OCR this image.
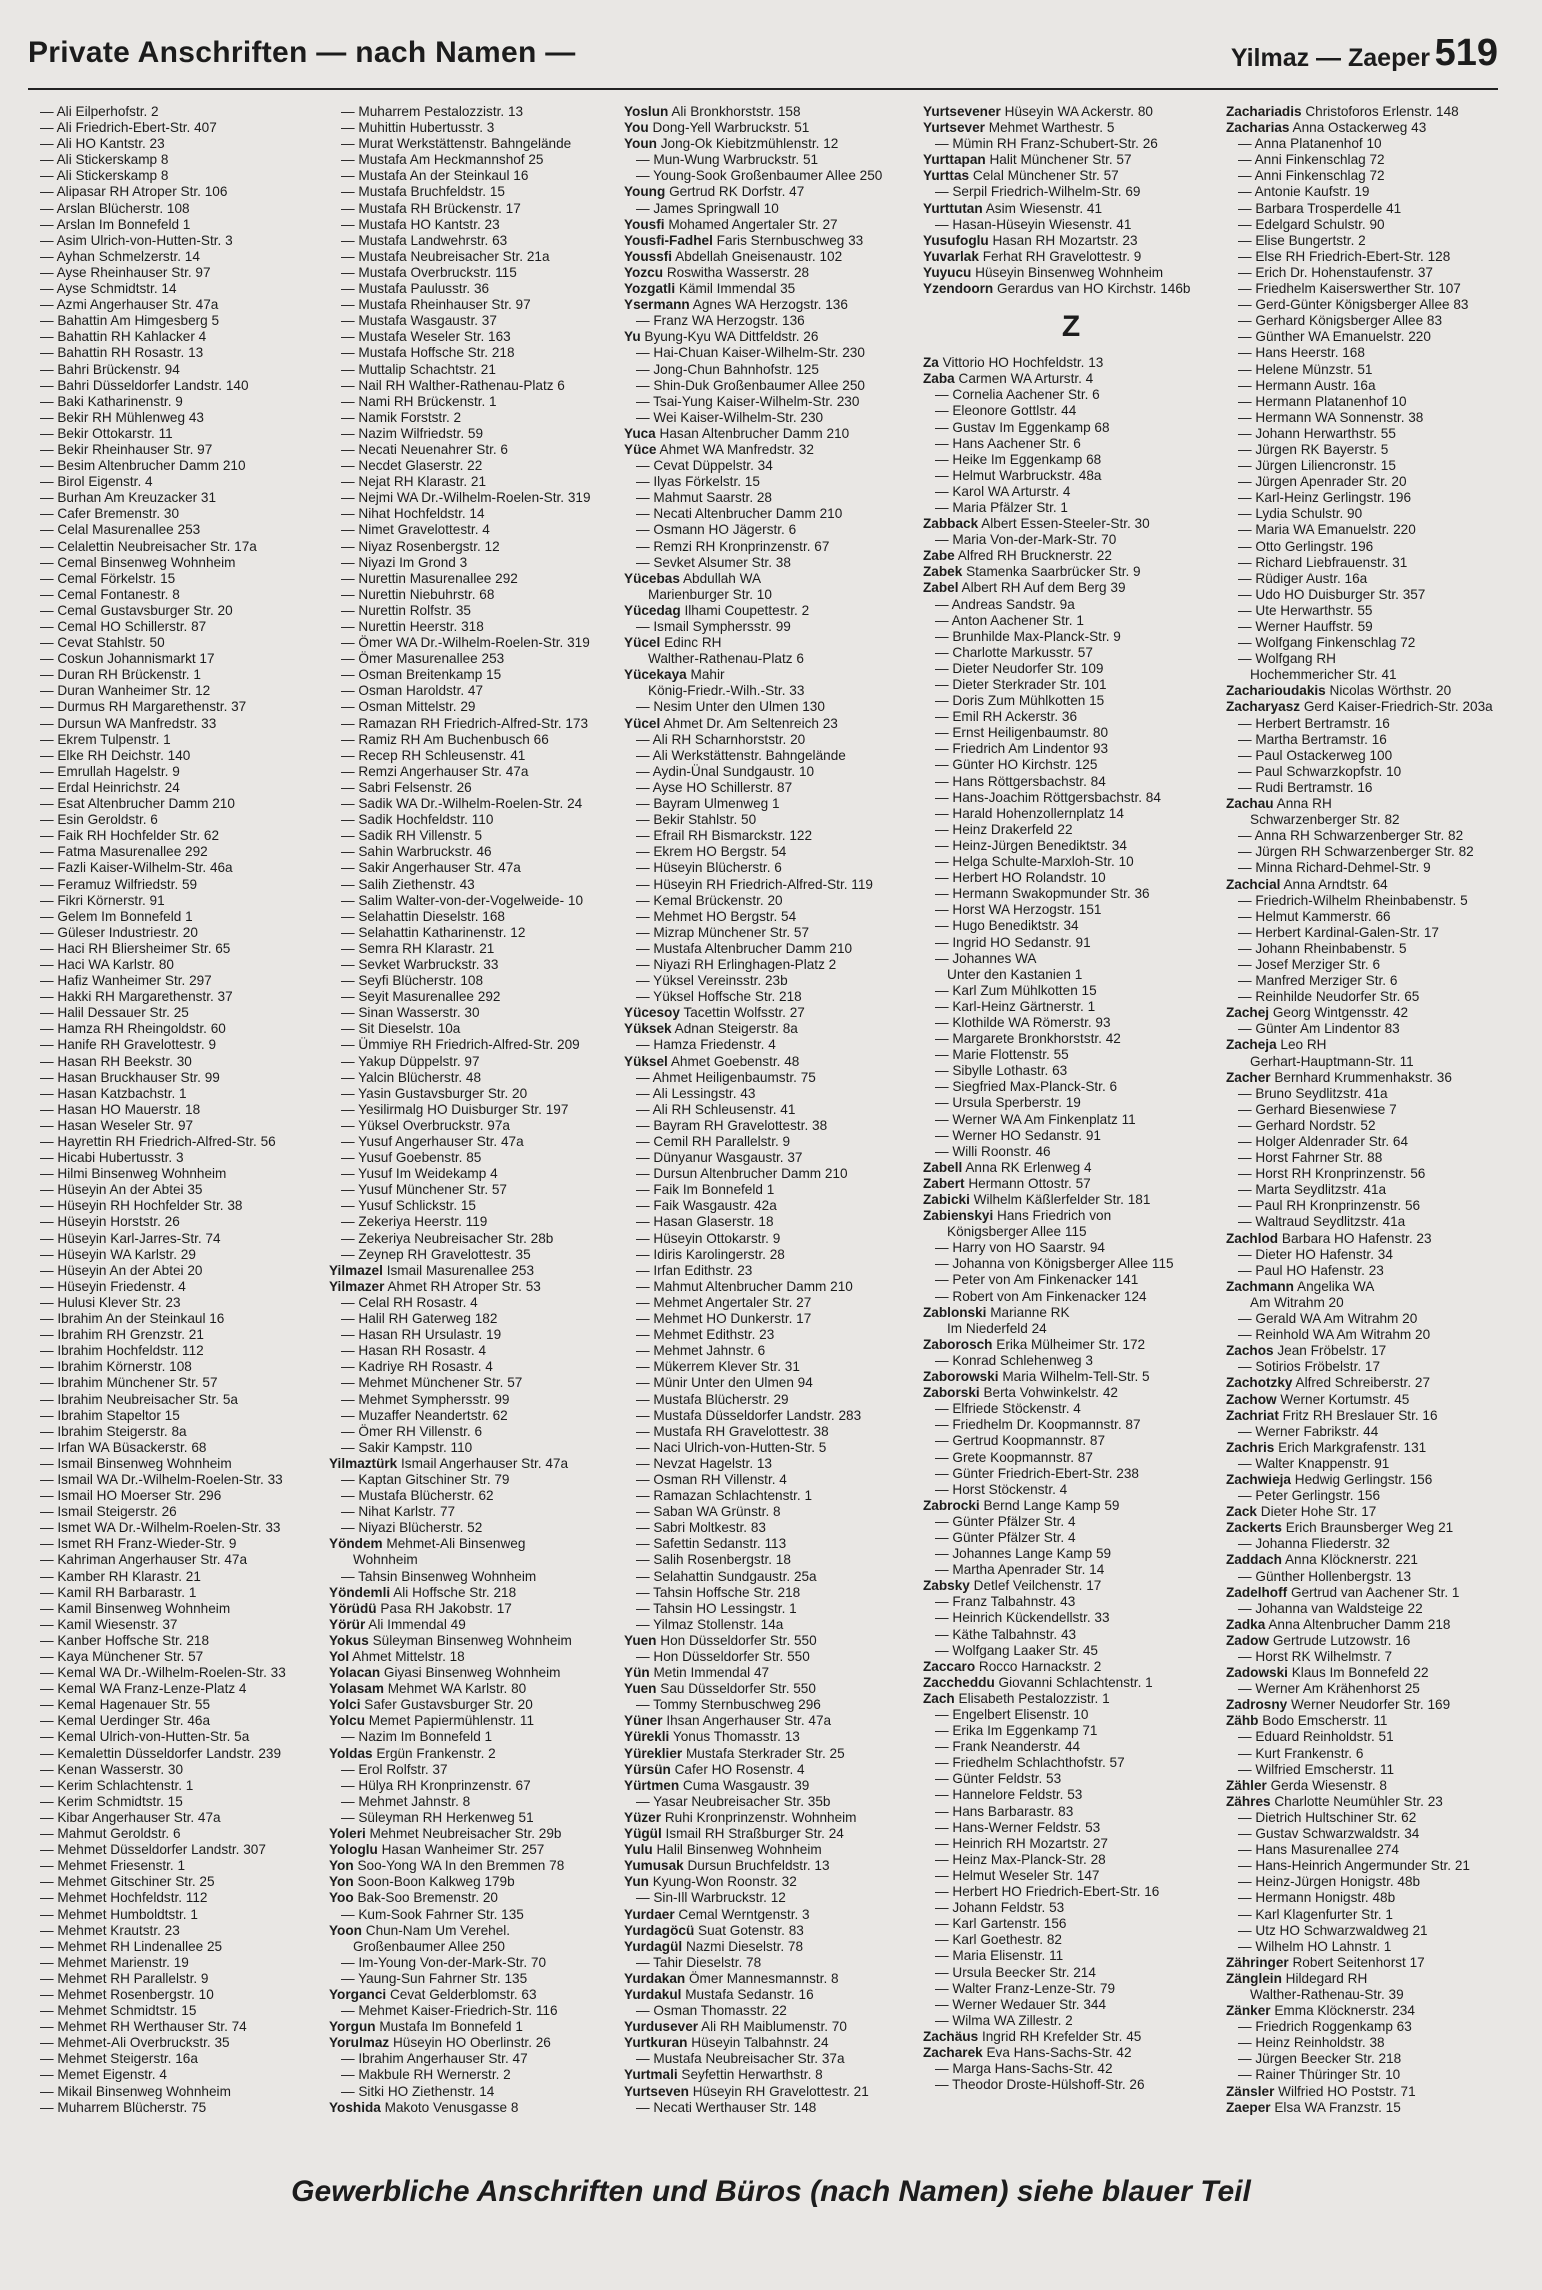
Private Anschriften — nach Namen —	Yilmaz — Zaeper 519
— Ali Eilperhofstr. 2
— Ali Friedrich-Ebert-Str. 407
— Ali HO Kantstr. 23
— Ali Stickerskamp 8
— Ali Stickerskamp 8
— Alipasar RH Atroper Str. 106
— Arslan Blücherstr. 108
— Arslan Im Bonnefeld 1
— Asim Ulrich-von-Hutten-Str. 3
— Ayhan Schmelzerstr. 14
— Ayse Rheinhauser Str. 97
— Ayse Schmidtstr. 14
— Azmi Angerhauser Str. 47a
— Bahattin Am Himgesberg 5
— Bahattin RH Kahlacker 4
— Bahattin RH Rosastr. 13
— Bahri Brückenstr. 94
— Bahri Düsseldorfer Landstr. 140
— Baki Katharinenstr. 9
— Bekir RH Mühlenweg 43
— Bekir Ottokarstr. 11
— Bekir Rheinhauser Str. 97
— Besim Altenbrucher Damm 210
— Birol Eigenstr. 4
— Burhan Am Kreuzacker 31
— Cafer Bremenstr. 30
— Celal Masurenallee 253
— Celalettin Neubreisacher Str. 17a
— Cemal Binsenweg Wohnheim
— Cemal Förkelstr. 15
— Cemal Fontanestr. 8
— Cemal Gustavsburger Str. 20
— Cemal HO Schillerstr. 87
— Cevat Stahlstr. 50
— Coskun Johannismarkt 17
— Duran RH Brückenstr. 1
— Duran Wanheimer Str. 12
— Durmus RH Margarethenstr. 37
— Dursun WA Manfredstr. 33
— Ekrem Tulpenstr. 1
— Elke RH Deichstr. 140
— Emrullah Hagelstr. 9
— Erdal Heinrichstr. 24
— Esat Altenbrucher Damm 210
— Esin Geroldstr. 6
— Faik RH Hochfelder Str. 62
— Fatma Masurenallee 292
— Fazli Kaiser-Wilhelm-Str. 46a
— Feramuz Wilfriedstr. 59
— Fikri Körnerstr. 91
— Gelem Im Bonnefeld 1
— Güleser Industriestr. 20
— Haci RH Bliersheimer Str. 65
— Haci WA Karlstr. 80
— Hafiz Wanheimer Str. 297
— Hakki RH Margarethenstr. 37
— Halil Dessauer Str. 25
— Hamza RH Rheingoldstr. 60
— Hanife RH Gravelottestr. 9
— Hasan RH Beekstr. 30
— Hasan Bruckhauser Str. 99
— Hasan Katzbachstr. 1
— Hasan HO Mauerstr. 18
— Hasan Weseler Str. 97
— Hayrettin RH Friedrich-Alfred-Str. 56
— Hicabi Hubertusstr. 3
— Hilmi Binsenweg Wohnheim
— Hüseyin An der Abtei 35
— Hüseyin RH Hochfelder Str. 38
— Hüseyin Horststr. 26
— Hüseyin Karl-Jarres-Str. 74
— Hüseyin WA Karlstr. 29
— Hüseyin An der Abtei 20
— Hüseyin Friedenstr. 4
— Hulusi Klever Str. 23
— Ibrahim An der Steinkaul 16
— Ibrahim RH Grenzstr. 21
— Ibrahim Hochfeldstr. 112
— Ibrahim Körnerstr. 108
— Ibrahim Münchener Str. 57
— Ibrahim Neubreisacher Str. 5a
— Ibrahim Stapeltor 15
— Ibrahim Steigerstr. 8a
— Irfan WA Büsackerstr. 68
— Ismail Binsenweg Wohnheim
— Ismail WA Dr.-Wilhelm-Roelen-Str. 33
— Ismail HO Moerser Str. 296
— Ismail Steigerstr. 26
— Ismet WA Dr.-Wilhelm-Roelen-Str. 33
— Ismet RH Franz-Wieder-Str. 9
— Kahriman Angerhauser Str. 47a
— Kamber RH Klarastr. 21
— Kamil RH Barbarastr. 1
— Kamil Binsenweg Wohnheim
— Kamil Wiesenstr. 37
— Kanber Hoffsche Str. 218
— Kaya Münchener Str. 57
— Kemal WA Dr.-Wilhelm-Roelen-Str. 33
— Kemal WA Franz-Lenze-Platz 4
— Kemal Hagenauer Str. 55
— Kemal Uerdinger Str. 46a
— Kemal Ulrich-von-Hutten-Str. 5a
— Kemalettin Düsseldorfer Landstr. 239
— Kenan Wasserstr. 30
— Kerim Schlachtenstr. 1
— Kerim Schmidtstr. 15
— Kibar Angerhauser Str. 47a
— Mahmut Geroldstr. 6
— Mehmet Düsseldorfer Landstr. 307
— Mehmet Friesenstr. 1
— Mehmet Gitschiner Str. 25
— Mehmet Hochfeldstr. 112
— Mehmet Humboldtstr. 1
— Mehmet Krautstr. 23
— Mehmet RH Lindenallee 25
— Mehmet Marienstr. 19
— Mehmet RH Parallelstr. 9
— Mehmet Rosenbergstr. 10
— Mehmet Schmidtstr. 15
— Mehmet RH Werthauser Str. 74
— Mehmet-Ali Overbruckstr. 35
— Mehmet Steigerstr. 16a
— Memet Eigenstr. 4
— Mikail Binsenweg Wohnheim
— Muharrem Blücherstr. 75
— Muharrem Pestalozzistr. 13
— Muhittin Hubertusstr. 3
— Murat Werkstättenstr. Bahngelände
— Mustafa Am Heckmannshof 25
— Mustafa An der Steinkaul 16
— Mustafa Bruchfeldstr. 15
— Mustafa RH Brückenstr. 17
— Mustafa HO Kantstr. 23
— Mustafa Landwehrstr. 63
— Mustafa Neubreisacher Str. 21a
— Mustafa Overbruckstr. 115
— Mustafa Paulusstr. 36
— Mustafa Rheinhauser Str. 97
— Mustafa Wasgaustr. 37
— Mustafa Weseler Str. 163
— Mustafa Hoffsche Str. 218
— Muttalip Schachtstr. 21
— Nail RH Walther-Rathenau-Platz 6
— Nami RH Brückenstr. 1
— Namik Forststr. 2
— Nazim Wilfriedstr. 59
— Necati Neuenahrer Str. 6
— Necdet Glaserstr. 22
— Nejat RH Klarastr. 21
— Nejmi WA Dr.-Wilhelm-Roelen-Str. 319
— Nihat Hochfeldstr. 14
— Nimet Gravelottestr. 4
— Niyaz Rosenbergstr. 12
— Niyazi Im Grond 3
— Nurettin Masurenallee 292
— Nurettin Niebuhrstr. 68
— Nurettin Rolfstr. 35
— Nurettin Heerstr. 318
— Ömer WA Dr.-Wilhelm-Roelen-Str. 319
— Ömer Masurenallee 253
— Osman Breitenkamp 15
— Osman Haroldstr. 47
— Osman Mittelstr. 29
— Ramazan RH Friedrich-Alfred-Str. 173
— Ramiz RH Am Buchenbusch 66
— Recep RH Schleusenstr. 41
— Remzi Angerhauser Str. 47a
— Sabri Felsenstr. 26
— Sadik WA Dr.-Wilhelm-Roelen-Str. 24
— Sadik Hochfeldstr. 110
— Sadik RH Villenstr. 5
— Sahin Warbruckstr. 46
— Sakir Angerhauser Str. 47a
— Salih Ziethenstr. 43
— Salim Walter-von-der-Vogelweide- 10
— Selahattin Dieselstr. 168
— Selahattin Katharinenstr. 12
— Semra RH Klarastr. 21
— Sevket Warbruckstr. 33
— Seyfi Blücherstr. 108
— Seyit Masurenallee 292
— Sinan Wasserstr. 30
— Sit Dieselstr. 10a
— Ümmiye RH Friedrich-Alfred-Str. 209
— Yakup Düppelstr. 97
— Yalcin Blücherstr. 48
— Yasin Gustavsburger Str. 20
— Yesilirmalg HO Duisburger Str. 197
— Yüksel Overbruckstr. 97a
— Yusuf Angerhauser Str. 47a
— Yusuf Goebenstr. 85
— Yusuf Im Weidekamp 4
— Yusuf Münchener Str. 57
— Yusuf Schlickstr. 15
— Zekeriya Heerstr. 119
— Zekeriya Neubreisacher Str. 28b
— Zeynep RH Gravelottestr. 35
Yilmazel Ismail Masurenallee 253
Yilmazer Ahmet RH Atroper Str. 53
— Celal RH Rosastr. 4
— Halil RH Gaterweg 182
— Hasan RH Ursulastr. 19
— Hasan RH Rosastr. 4
— Kadriye RH Rosastr. 4
— Mehmet Münchener Str. 57
— Mehmet Symphersstr. 99
— Muzaffer Neandertstr. 62
— Ömer RH Villenstr. 6
— Sakir Kampstr. 110
Yilmaztürk Ismail Angerhauser Str. 47a
— Kaptan Gitschiner Str. 79
— Mustafa Blücherstr. 62
— Nihat Karlstr. 77
— Niyazi Blücherstr. 52
Yöndem Mehmet-Ali Binsenweg
Wohnheim
— Tahsin Binsenweg Wohnheim
Yöndemli Ali Hoffsche Str. 218
Yörüdü Pasa RH Jakobstr. 17
Yörür Ali Immendal 49
Yokus Süleyman Binsenweg Wohnheim
Yol Ahmet Mittelstr. 18
Yolacan Giyasi Binsenweg Wohnheim
Yolasam Mehmet WA Karlstr. 80
Yolci Safer Gustavsburger Str. 20
Yolcu Memet Papiermühlenstr. 11
— Nazim Im Bonnefeld 1
Yoldas Ergün Frankenstr. 2
— Erol Rolfstr. 37
— Hülya RH Kronprinzenstr. 67
— Mehmet Jahnstr. 8
— Süleyman RH Herkenweg 51
Yoleri Mehmet Neubreisacher Str. 29b
Yologlu Hasan Wanheimer Str. 257
Yon Soo-Yong WA In den Bremmen 78
Yon Soon-Boon Kalkweg 179b
Yoo Bak-Soo Bremenstr. 20
— Kum-Sook Fahrner Str. 135
Yoon Chun-Nam Um Verehel.
Großenbaumer Allee 250
— Im-Young Von-der-Mark-Str. 70
— Yaung-Sun Fahrner Str. 135
Yorganci Cevat Gelderblomstr. 63
— Mehmet Kaiser-Friedrich-Str. 116
Yorgun Mustafa Im Bonnefeld 1
Yorulmaz Hüseyin HO Oberlinstr. 26
— Ibrahim Angerhauser Str. 47
— Makbule RH Wernerstr. 2
— Sitki HO Ziethenstr. 14
Yoshida Makoto Venusgasse 8
Yoslun Ali Bronkhorststr. 158
You Dong-Yell Warbruckstr. 51
Youn Jong-Ok Kiebitzmühlenstr. 12
— Mun-Wung Warbruckstr. 51
— Young-Sook Großenbaumer Allee 250
Young Gertrud RK Dorfstr. 47
— James Springwall 10
Yousfi Mohamed Angertaler Str. 27
Yousfi-Fadhel Faris Sternbuschweg 33
Youssfi Abdellah Gneisenaustr. 102
Yozcu Roswitha Wasserstr. 28
Yozgatli Kämil Immendal 35
Ysermann Agnes WA Herzogstr. 136
— Franz WA Herzogstr. 136
Yu Byung-Kyu WA Dittfeldstr. 26
— Hai-Chuan Kaiser-Wilhelm-Str. 230
— Jong-Chun Bahnhofstr. 125
— Shin-Duk Großenbaumer Allee 250
— Tsai-Yung Kaiser-Wilhelm-Str. 230
— Wei Kaiser-Wilhelm-Str. 230
Yuca Hasan Altenbrucher Damm 210
Yüce Ahmet WA Manfredstr. 32
— Cevat Düppelstr. 34
— Ilyas Förkelstr. 15
— Mahmut Saarstr. 28
— Necati Altenbrucher Damm 210
— Osmann HO Jägerstr. 6
— Remzi RH Kronprinzenstr. 67
— Sevket Alsumer Str. 38
Yücebas Abdullah WA
Marienburger Str. 10
Yücedag Ilhami Coupettestr. 2
— Ismail Symphersstr. 99
Yücel Edinc RH
Walther-Rathenau-Platz 6
Yücekaya Mahir
König-Friedr.-Wilh.-Str. 33
— Nesim Unter den Ulmen 130
Yücel Ahmet Dr. Am Seltenreich 23
— Ali RH Scharnhorststr. 20
— Ali Werkstättenstr. Bahngelände
— Aydin-Ünal Sundgaustr. 10
— Ayse HO Schillerstr. 87
— Bayram Ulmenweg 1
— Bekir Stahlstr. 50
— Efrail RH Bismarckstr. 122
— Ekrem HO Bergstr. 54
— Hüseyin Blücherstr. 6
— Hüseyin RH Friedrich-Alfred-Str. 119
— Kemal Brückenstr. 20
— Mehmet HO Bergstr. 54
— Mizrap Münchener Str. 57
— Mustafa Altenbrucher Damm 210
— Niyazi RH Erlinghagen-Platz 2
— Yüksel Vereinsstr. 23b
— Yüksel Hoffsche Str. 218
Yücesoy Tacettin Wolfsstr. 27
Yüksek Adnan Steigerstr. 8a
— Hamza Friedenstr. 4
Yüksel Ahmet Goebenstr. 48
— Ahmet Heiligenbaumstr. 75
— Ali Lessingstr. 43
— Ali RH Schleusenstr. 41
— Bayram RH Gravelottestr. 38
— Cemil RH Parallelstr. 9
— Dünyanur Wasgaustr. 37
— Dursun Altenbrucher Damm 210
— Faik Im Bonnefeld 1
— Faik Wasgaustr. 42a
— Hasan Glaserstr. 18
— Hüseyin Ottokarstr. 9
— Idiris Karolingerstr. 28
— Irfan Edithstr. 23
— Mahmut Altenbrucher Damm 210
— Mehmet Angertaler Str. 27
— Mehmet HO Dunkerstr. 17
— Mehmet Edithstr. 23
— Mehmet Jahnstr. 6
— Mükerrem Klever Str. 31
— Münir Unter den Ulmen 94
— Mustafa Blücherstr. 29
— Mustafa Düsseldorfer Landstr. 283
— Mustafa RH Gravelottestr. 38
— Naci Ulrich-von-Hutten-Str. 5
— Nevzat Hagelstr. 13
— Osman RH Villenstr. 4
— Ramazan Schlachtenstr. 1
— Saban WA Grünstr. 8
— Sabri Moltkestr. 83
— Safettin Sedanstr. 113
— Salih Rosenbergstr. 18
— Selahattin Sundgaustr. 25a
— Tahsin Hoffsche Str. 218
— Tahsin HO Lessingstr. 1
— Yilmaz Stollenstr. 14a
Yuen Hon Düsseldorfer Str. 550
— Hon Düsseldorfer Str. 550
Yün Metin Immendal 47
Yuen Sau Düsseldorfer Str. 550
— Tommy Sternbuschweg 296
Yüner Ihsan Angerhauser Str. 47a
Yürekli Yonus Thomasstr. 13
Yüreklier Mustafa Sterkrader Str. 25
Yürsün Cafer HO Rosenstr. 4
Yürtmen Cuma Wasgaustr. 39
— Yasar Neubreisacher Str. 35b
Yüzer Ruhi Kronprinzenstr. Wohnheim
Yügül Ismail RH Straßburger Str. 24
Yulu Halil Binsenweg Wohnheim
Yumusak Dursun Bruchfeldstr. 13
Yun Kyung-Won Roonstr. 32
— Sin-Ill Warbruckstr. 12
Yurdaer Cemal Werntgenstr. 3
Yurdagöcü Suat Gotenstr. 83
Yurdagül Nazmi Dieselstr. 78
— Tahir Dieselstr. 78
Yurdakan Ömer Mannesmannstr. 8
Yurdakul Mustafa Sedanstr. 16
— Osman Thomasstr. 22
Yurdusever Ali RH Maiblumenstr. 70
Yurtkuran Hüseyin Talbahnstr. 24
— Mustafa Neubreisacher Str. 37a
Yurtmali Seyfettin Herwarthstr. 8
Yurtseven Hüseyin RH Gravelottestr. 21
— Necati Werthauser Str. 148
Yurtsevener Hüseyin WA Ackerstr. 80
Yurtsever Mehmet Warthestr. 5
— Mümin RH Franz-Schubert-Str. 26
Yurttapan Halit Münchener Str. 57
Yurttas Celal Münchener Str. 57
— Serpil Friedrich-Wilhelm-Str. 69
Yurttutan Asim Wiesenstr. 41
— Hasan-Hüseyin Wiesenstr. 41
Yusufoglu Hasan RH Mozartstr. 23
Yuvarlak Ferhat RH Gravelottestr. 9
Yuyucu Hüseyin Binsenweg Wohnheim
Yzendoorn Gerardus van HO Kirchstr. 146b
Z
Za Vittorio HO Hochfeldstr. 13
Zaba Carmen WA Arturstr. 4
— Cornelia Aachener Str. 6
— Eleonore Gottlstr. 44
— Gustav Im Eggenkamp 68
— Hans Aachener Str. 6
— Heike Im Eggenkamp 68
— Helmut Warbruckstr. 48a
— Karol WA Arturstr. 4
— Maria Pfälzer Str. 1
Zabback Albert Essen-Steeler-Str. 30
— Maria Von-der-Mark-Str. 70
Zabe Alfred RH Brucknerstr. 22
Zabek Stamenka Saarbrücker Str. 9
Zabel Albert RH Auf dem Berg 39
— Andreas Sandstr. 9a
— Anton Aachener Str. 1
— Brunhilde Max-Planck-Str. 9
— Charlotte Markusstr. 57
— Dieter Neudorfer Str. 109
— Dieter Sterkrader Str. 101
— Doris Zum Mühlkotten 15
— Emil RH Ackerstr. 36
— Ernst Heiligenbaumstr. 80
— Friedrich Am Lindentor 93
— Günter HO Kirchstr. 125
— Hans Röttgersbachstr. 84
— Hans-Joachim Röttgersbachstr. 84
— Harald Hohenzollernplatz 14
— Heinz Drakerfeld 22
— Heinz-Jürgen Benediktstr. 34
— Helga Schulte-Marxloh-Str. 10
— Herbert HO Rolandstr. 10
— Hermann Swakopmunder Str. 36
— Horst WA Herzogstr. 151
— Hugo Benediktstr. 34
— Ingrid HO Sedanstr. 91
— Johannes WA
Unter den Kastanien 1
— Karl Zum Mühlkotten 15
— Karl-Heinz Gärtnerstr. 1
— Klothilde WA Römerstr. 93
— Margarete Bronkhorststr. 42
— Marie Flottenstr. 55
— Sibylle Lothastr. 63
— Siegfried Max-Planck-Str. 6
— Ursula Sperberstr. 19
— Werner WA Am Finkenplatz 11
— Werner HO Sedanstr. 91
— Willi Roonstr. 46
Zabell Anna RK Erlenweg 4
Zabert Hermann Ottostr. 57
Zabicki Wilhelm Käßlerfelder Str. 181
Zabienskyi Hans Friedrich von
Königsberger Allee 115
— Harry von HO Saarstr. 94
— Johanna von Königsberger Allee 115
— Peter von Am Finkenacker 141
— Robert von Am Finkenacker 124
Zablonski Marianne RK
Im Niederfeld 24
Zaborosch Erika Mülheimer Str. 172
— Konrad Schlehenweg 3
Zaborowski Maria Wilhelm-Tell-Str. 5
Zaborski Berta Vohwinkelstr. 42
— Elfriede Stöckenstr. 4
— Friedhelm Dr. Koopmannstr. 87
— Gertrud Koopmannstr. 87
— Grete Koopmannstr. 87
— Günter Friedrich-Ebert-Str. 238
— Horst Stöckenstr. 4
Zabrocki Bernd Lange Kamp 59
— Günter Pfälzer Str. 4
— Günter Pfälzer Str. 4
— Johannes Lange Kamp 59
— Martha Apenrader Str. 14
Zabsky Detlef Veilchenstr. 17
— Franz Talbahnstr. 43
— Heinrich Kückendellstr. 33
— Käthe Talbahnstr. 43
— Wolfgang Laaker Str. 45
Zaccaro Rocco Harnackstr. 2
Zaccheddu Giovanni Schlachtenstr. 1
Zach Elisabeth Pestalozzistr. 1
— Engelbert Elisenstr. 10
— Erika Im Eggenkamp 71
— Frank Neanderstr. 44
— Friedhelm Schlachthofstr. 57
— Günter Feldstr. 53
— Hannelore Feldstr. 53
— Hans Barbarastr. 83
— Hans-Werner Feldstr. 53
— Heinrich RH Mozartstr. 27
— Heinz Max-Planck-Str. 28
— Helmut Weseler Str. 147
— Herbert HO Friedrich-Ebert-Str. 16
— Johann Feldstr. 53
— Karl Gartenstr. 156
— Karl Goethestr. 82
— Maria Elisenstr. 11
— Ursula Beecker Str. 214
— Walter Franz-Lenze-Str. 79
— Werner Wedauer Str. 344
— Wilma WA Zillestr. 2
Zachäus Ingrid RH Krefelder Str. 45
Zacharek Eva Hans-Sachs-Str. 42
— Marga Hans-Sachs-Str. 42
— Theodor Droste-Hülshoff-Str. 26
Zachariadis Christoforos Erlenstr. 148
Zacharias Anna Ostackerweg 43
— Anna Platanenhof 10
— Anni Finkenschlag 72
— Anni Finkenschlag 72
— Antonie Kaufstr. 19
— Barbara Trosperdelle 41
— Edelgard Schulstr. 90
— Elise Bungertstr. 2
— Else RH Friedrich-Ebert-Str. 128
— Erich Dr. Hohenstaufenstr. 37
— Friedhelm Kaiserswerther Str. 107
— Gerd-Günter Königsberger Allee 83
— Gerhard Königsberger Allee 83
— Günther WA Emanuelstr. 220
— Hans Heerstr. 168
— Helene Münzstr. 51
— Hermann Austr. 16a
— Hermann Platanenhof 10
— Hermann WA Sonnenstr. 38
— Johann Herwarthstr. 55
— Jürgen RK Bayerstr. 5
— Jürgen Liliencronstr. 15
— Jürgen Apenrader Str. 20
— Karl-Heinz Gerlingstr. 196
— Lydia Schulstr. 90
— Maria WA Emanuelstr. 220
— Otto Gerlingstr. 196
— Richard Liebfrauenstr. 31
— Rüdiger Austr. 16a
— Udo HO Duisburger Str. 357
— Ute Herwarthstr. 55
— Werner Hauffstr. 59
— Wolfgang Finkenschlag 72
— Wolfgang RH
Hochemmericher Str. 41
Zacharioudakis Nicolas Wörthstr. 20
Zacharyasz Gerd Kaiser-Friedrich-Str. 203a
— Herbert Bertramstr. 16
— Martha Bertramstr. 16
— Paul Ostackerweg 100
— Paul Schwarzkopfstr. 10
— Rudi Bertramstr. 16
Zachau Anna RH
Schwarzenberger Str. 82
— Anna RH Schwarzenberger Str. 82
— Jürgen RH Schwarzenberger Str. 82
— Minna Richard-Dehmel-Str. 9
Zachcial Anna Arndtstr. 64
— Friedrich-Wilhelm Rheinbabenstr. 5
— Helmut Kammerstr. 66
— Herbert Kardinal-Galen-Str. 17
— Johann Rheinbabenstr. 5
— Josef Merziger Str. 6
— Manfred Merziger Str. 6
— Reinhilde Neudorfer Str. 65
Zachej Georg Wintgensstr. 42
— Günter Am Lindentor 83
Zacheja Leo RH
Gerhart-Hauptmann-Str. 11
Zacher Bernhard Krummenhakstr. 36
— Bruno Seydlitzstr. 41a
— Gerhard Biesenwiese 7
— Gerhard Nordstr. 52
— Holger Aldenrader Str. 64
— Horst Fahrner Str. 88
— Horst RH Kronprinzenstr. 56
— Marta Seydlitzstr. 41a
— Paul RH Kronprinzenstr. 56
— Waltraud Seydlitzstr. 41a
Zachlod Barbara HO Hafenstr. 23
— Dieter HO Hafenstr. 34
— Paul HO Hafenstr. 23
Zachmann Angelika WA
Am Witrahm 20
— Gerald WA Am Witrahm 20
— Reinhold WA Am Witrahm 20
Zachos Jean Fröbelstr. 17
— Sotirios Fröbelstr. 17
Zachotzky Alfred Schreiberstr. 27
Zachow Werner Kortumstr. 45
Zachriat Fritz RH Breslauer Str. 16
— Werner Fabrikstr. 44
Zachris Erich Markgrafenstr. 131
— Walter Knappenstr. 91
Zachwieja Hedwig Gerlingstr. 156
— Peter Gerlingstr. 156
Zack Dieter Hohe Str. 17
Zackerts Erich Braunsberger Weg 21
— Johanna Fliederstr. 32
Zaddach Anna Klöcknerstr. 221
— Günther Hollenbergstr. 13
Zadelhoff Gertrud van Aachener Str. 1
— Johanna van Waldsteige 22
Zadka Anna Altenbrucher Damm 218
Zadow Gertrude Lutzowstr. 16
— Horst RK Wilhelmstr. 7
Zadowski Klaus Im Bonnefeld 22
— Werner Am Krähenhorst 25
Zadrosny Werner Neudorfer Str. 169
Zähb Bodo Emscherstr. 11
— Eduard Reinholdstr. 51
— Kurt Frankenstr. 6
— Wilfried Emscherstr. 11
Zähler Gerda Wiesenstr. 8
Zähres Charlotte Neumühler Str. 23
— Dietrich Hultschiner Str. 62
— Gustav Schwarzwaldstr. 34
— Hans Masurenallee 274
— Hans-Heinrich Angermunder Str. 21
— Heinz-Jürgen Honigstr. 48b
— Hermann Honigstr. 48b
— Karl Klagenfurter Str. 1
— Utz HO Schwarzwaldweg 21
— Wilhelm HO Lahnstr. 1
Zähringer Robert Seitenhorst 17
Zänglein Hildegard RH
Walther-Rathenau-Str. 39
Zänker Emma Klöcknerstr. 234
— Friedrich Roggenkamp 63
— Heinz Reinholdstr. 38
— Jürgen Beecker Str. 218
— Rainer Thüringer Str. 10
Zänsler Wilfried HO Poststr. 71
Zaeper Elsa WA Franzstr. 15
Gewerbliche Anschriften und Büros (nach Namen) siehe blauer Teil
